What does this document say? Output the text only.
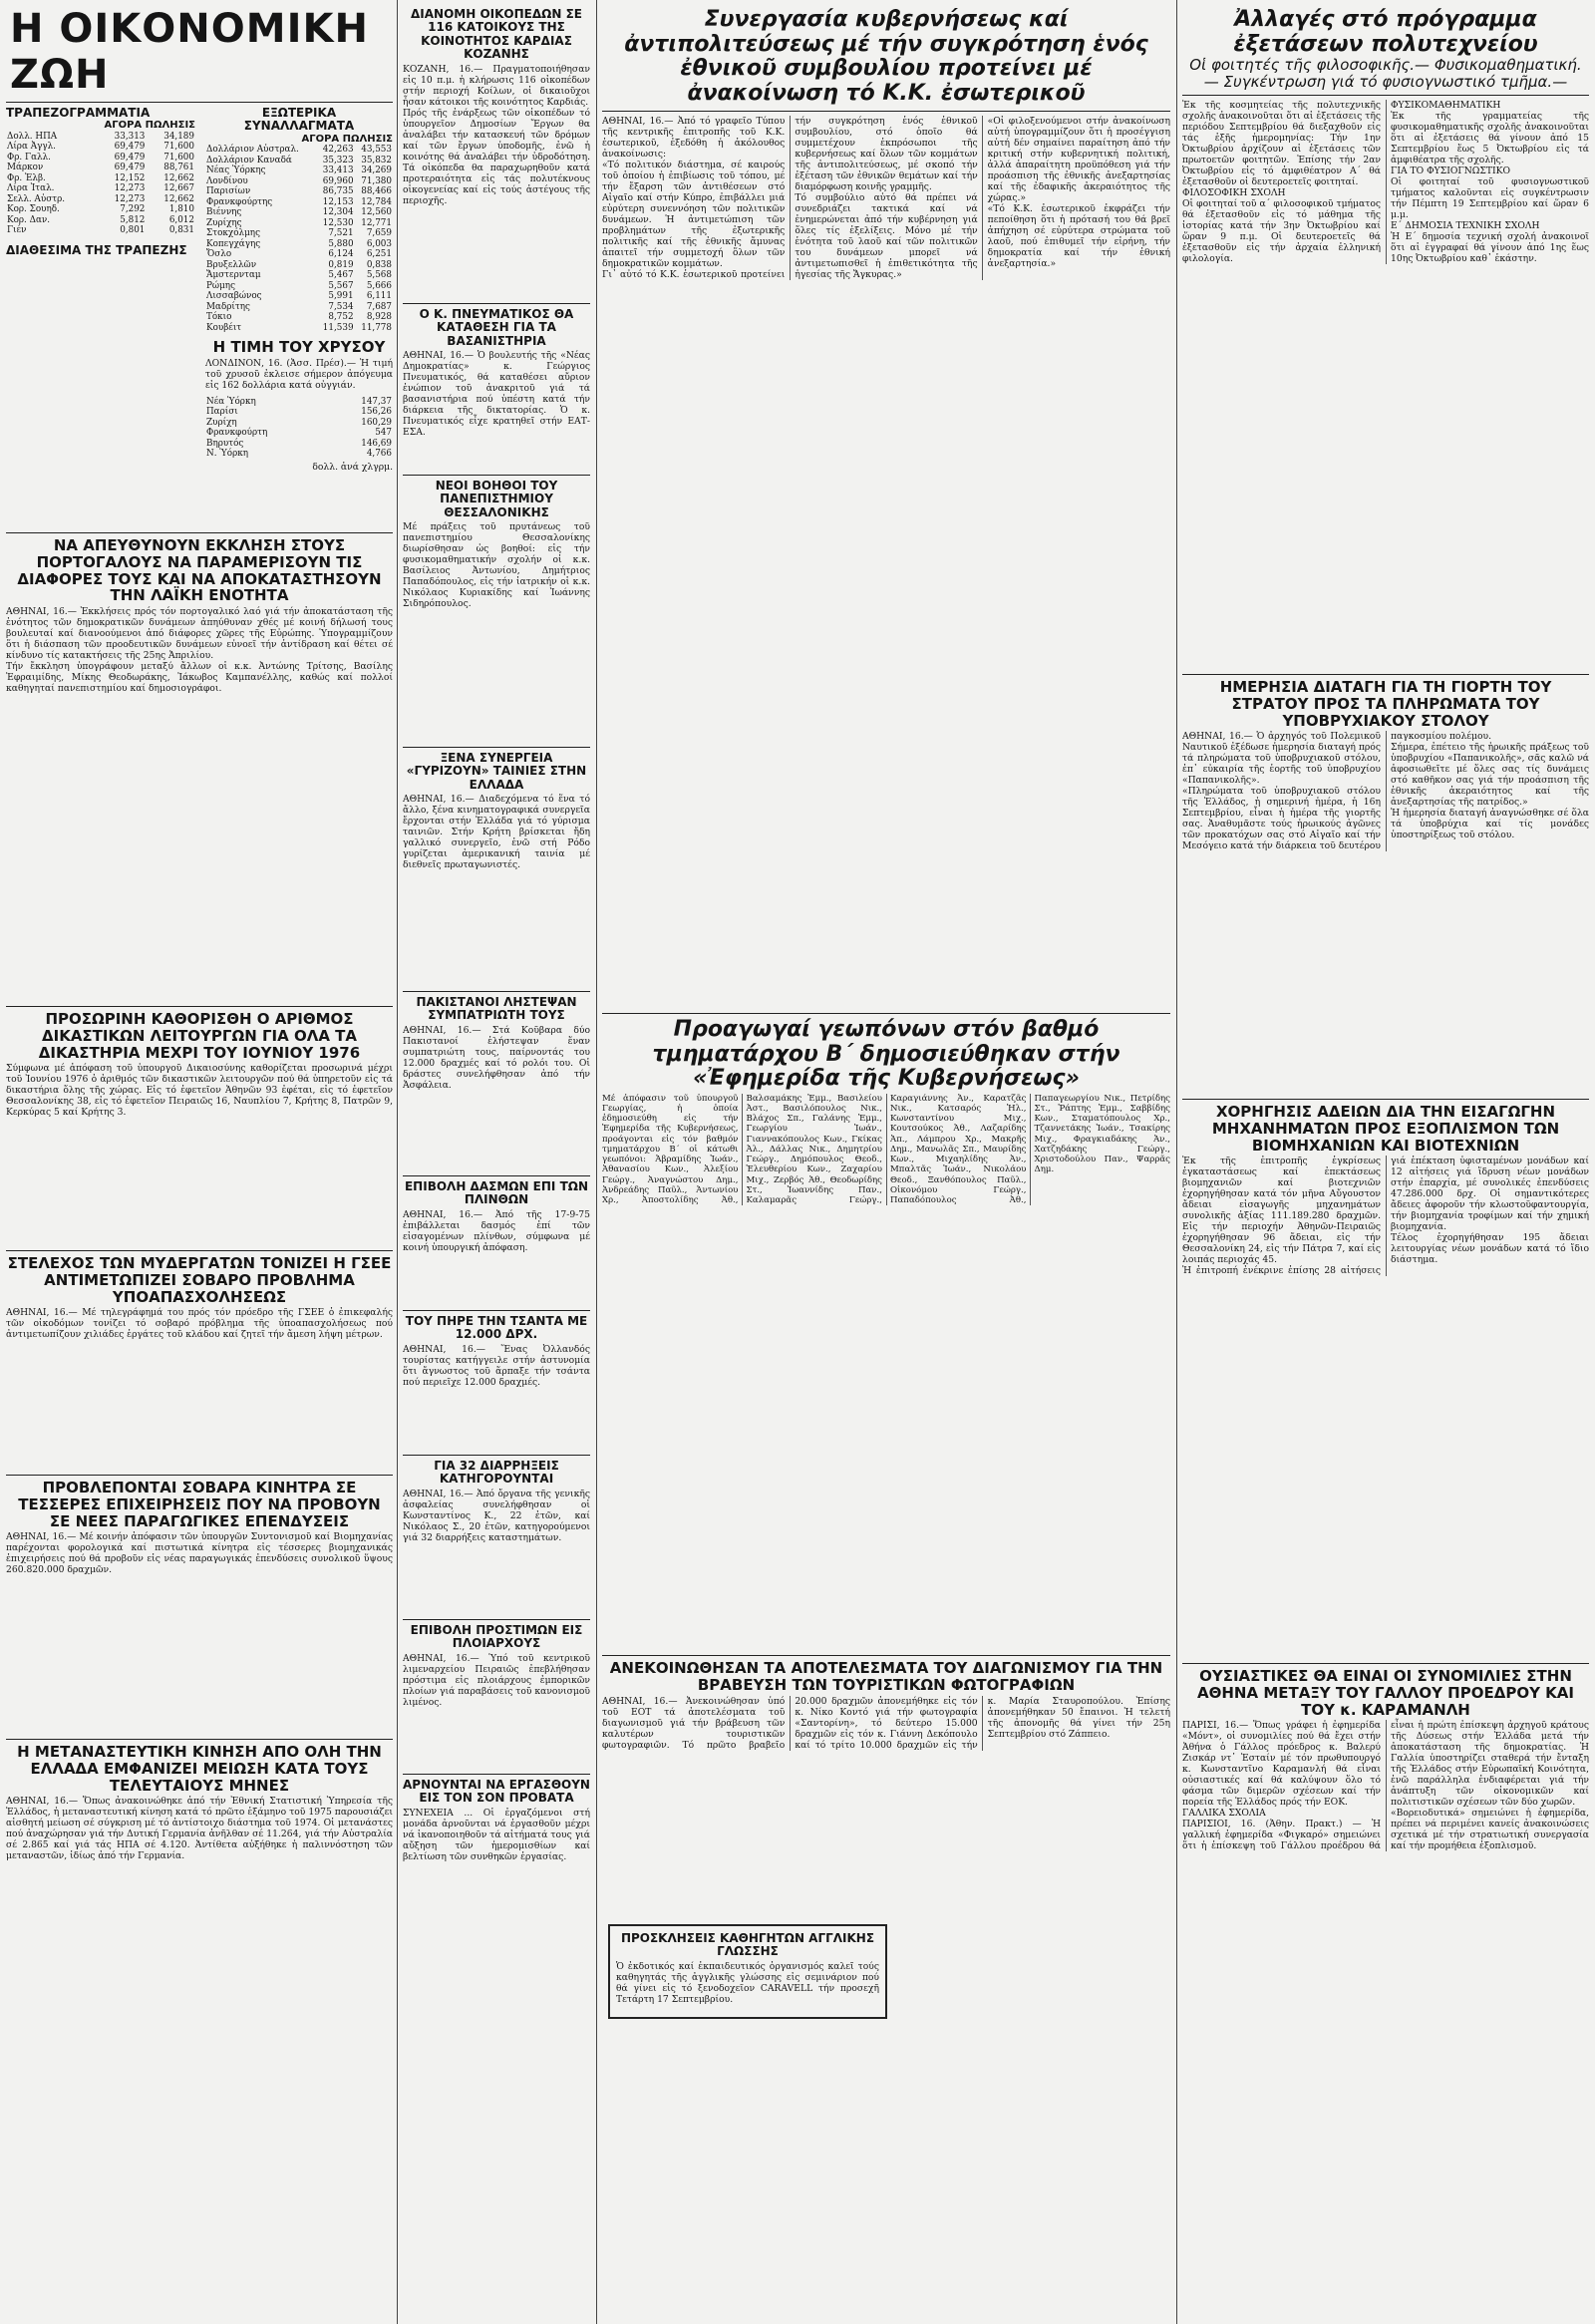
Η ΟΙΚΟΝΟΜΙΚΗ ΖΩΗ
ΤΡΑΠΕΖΟΓΡΑΜΜΑΤΙΑ
ΑΓΟΡΑ ΠΩΛΗΣΙΣ
Δολλ. ΗΠΑ	33,313	34,189
Λίρα Ἀγγλ.	69,479	71,600
Φρ. Γαλλ.	69,479	71,600
Μάρκον	69,479	88,761
Φρ. Ἑλβ.	12,152	12,662
Λίρα Ἰταλ.	12,273	12,667
Σελλ. Αὐστρ.	12,273	12,662
Κορ. Σουηδ.	7,292	1,810
Κορ. Δαν.	5,812	6,012
Γιέν	0,801	0,831
ΔΙΑΘΕΣΙΜΑ ΤΗΣ ΤΡΑΠΕΖΗΣ
ΕΞΩΤΕΡΙΚΑ ΣΥΝΑΛΛΑΓΜΑΤΑ
ΑΓΟΡΑ ΠΩΛΗΣΙΣ
Δολλάριον Αὐστραλ.	42,263	43,553
Δολλάριον Καναδά	35,323	35,832
Νέας Ὑόρκης	33,413	34,269
Λονδίνου	69,960	71,380
Παρισίων	86,735	88,466
Φρανκφούρτης	12,153	12,784
Βιέννης	12,304	12,560
Ζυρίχης	12,530	12,771
Στοκχόλμης	7,521	7,659
Κοπεγχάγης	5,880	6,003
Ὄσλο	6,124	6,251
Βρυξελλῶν	0,819	0,838
Ἄμστερνταμ	5,467	5,568
Ρώμης	5,567	5,666
Λισσαβώνος	5,991	6,111
Μαδρίτης	7,534	7,687
Τόκιο	8,752	8,928
Κουβέιτ	11,539	11,778
Η ΤΙΜΗ ΤΟΥ ΧΡΥΣΟΥ

ΛΟΝΔΙΝΟΝ, 16. (Ἀσσ. Πρέσ).— Ἡ τιμή τοῦ χρυσοῦ ἐκλεισε σήμερον ἀπόγευμα εἰς 162 δολλάρια κατά οὐγγιάν.

Νέα Ὑόρκη	147,37
Παρίσι	156,26
Ζυρίχη	160,29
Φρανκφούρτη	547
Βηρυτός	146,69
Ν. Ὑόρκη	4,766
δολλ. ἀνά χλγρμ.
ΝΑ ΑΠΕΥΘΥΝΟΥΝ ΕΚΚΛΗΣΗ ΣΤΟΥΣ ΠΟΡΤΟΓΑΛΟΥΣ ΝΑ ΠΑΡΑΜΕΡΙΣΟΥΝ ΤΙΣ ΔΙΑΦΟΡΕΣ ΤΟΥΣ ΚΑΙ ΝΑ ΑΠΟΚΑΤΑΣΤΗΣΟΥΝ ΤΗΝ ΛΑΪΚΗ ΕΝΟΤΗΤΑ

ΑΘΗΝΑΙ, 16.— Ἐκκλήσεις πρός τόν πορτογαλικό λαό γιά τήν ἀποκατάσταση τῆς ἑνότητος τῶν δημοκρατικῶν δυνάμεων ἀπηύθυναν χθές μέ κοινή δήλωσή τους βουλευταί καί διανοούμενοι ἀπό διάφορες χῶρες τῆς Εὐρώπης. Ὑπογραμμίζουν ὅτι ἡ διάσπαση τῶν προοδευτικῶν δυνάμεων εὐνοεῖ τήν ἀντίδραση καί θέτει σέ κίνδυνο τίς κατακτήσεις τῆς 25ης Ἀπριλίου.
Τήν ἔκκληση ὑπογράφουν μεταξύ ἄλλων οἱ κ.κ. Ἀντώνης Τρίτσης, Βασίλης Ἐφραιμίδης, Μίκης Θεοδωράκης, Ἰάκωβος Καμπανέλλης, καθώς καί πολλοί καθηγηταί πανεπιστημίου καί δημοσιογράφοι.

ΠΡΟΣΩΡΙΝΗ ΚΑΘΟΡΙΣΘΗ Ο ΑΡΙΘΜΟΣ ΔΙΚΑΣΤΙΚΩΝ ΛΕΙΤΟΥΡΓΩΝ ΓΙΑ ΟΛΑ ΤΑ ΔΙΚΑΣΤΗΡΙΑ ΜΕΧΡΙ ΤΟΥ ΙΟΥΝΙΟΥ 1976

Σύμφωνα μέ ἀπόφαση τοῦ ὑπουργοῦ Δικαιοσύνης καθορίζεται προσωρινά μέχρι τοῦ Ἰουνίου 1976 ὁ ἀριθμός τῶν δικαστικῶν λειτουργῶν πού θά ὑπηρετοῦν εἰς τά δικαστήρια ὅλης τῆς χώρας. Εἰς τό ἐφετεῖον Ἀθηνῶν 93 ἐφέται, εἰς τό ἐφετεῖον Θεσσαλονίκης 38, εἰς τό ἐφετεῖον Πειραιῶς 16, Ναυπλίου 7, Κρήτης 8, Πατρῶν 9, Κερκύρας 5 καί Κρήτης 3.

ΣΤΕΛΕΧΟΣ ΤΩΝ ΜΥΔΕΡΓΑΤΩΝ ΤΟΝΙΖΕΙ Η ΓΣΕΕ ΑΝΤΙΜΕΤΩΠΙΖΕΙ ΣΟΒΑΡΟ ΠΡΟΒΛΗΜΑ ΥΠΟΑΠΑΣΧΟΛΗΣΕΩΣ

ΑΘΗΝΑΙ, 16.— Μέ τηλεγράφημά του πρός τόν πρόεδρο τῆς ΓΣΕΕ ὁ ἐπικεφαλής τῶν οἰκοδόμων τονίζει τό σοβαρό πρόβλημα τῆς ὑποαπασχολήσεως πού ἀντιμετωπίζουν χιλιάδες ἐργάτες τοῦ κλάδου καί ζητεῖ τήν ἄμεση λήψη μέτρων.

ΠΡΟΒΛΕΠΟΝΤΑΙ ΣΟΒΑΡΑ ΚΙΝΗΤΡΑ ΣΕ ΤΕΣΣΕΡΕΣ ΕΠΙΧΕΙΡΗΣΕΙΣ ΠΟΥ ΝΑ ΠΡΟΒΟΥΝ ΣΕ ΝΕΕΣ ΠΑΡΑΓΩΓΙΚΕΣ ΕΠΕΝΔΥΣΕΙΣ

ΑΘΗΝΑΙ, 16.— Μέ κοινήν ἀπόφασιν τῶν ὑπουργῶν Συντονισμοῦ καί Βιομηχανίας παρέχονται φορολογικά καί πιστωτικά κίνητρα εἰς τέσσερες βιομηχανικάς ἐπιχειρήσεις πού θά προβοῦν εἰς νέας παραγωγικάς ἐπενδύσεις συνολικοῦ ὕψους 260.820.000 δραχμῶν.

Η ΜΕΤΑΝΑΣΤΕΥΤΙΚΗ ΚΙΝΗΣΗ ΑΠΟ ΟΛΗ ΤΗΝ ΕΛΛΑΔΑ ΕΜΦΑΝΙΖΕΙ ΜΕΙΩΣΗ ΚΑΤΑ ΤΟΥΣ ΤΕΛΕΥΤΑΙΟΥΣ ΜΗΝΕΣ

ΑΘΗΝΑΙ, 16.— Ὅπως ἀνακοινώθηκε ἀπό τήν Ἐθνική Στατιστική Ὑπηρεσία τῆς Ἑλλάδος, ἡ μεταναστευτική κίνηση κατά τό πρῶτο ἑξάμηνο τοῦ 1975 παρουσιάζει αἰσθητή μείωση σέ σύγκριση μέ τό ἀντίστοιχο διάστημα τοῦ 1974. Οἱ μετανάστες πού ἀναχώρησαν γιά τήν Δυτική Γερμανία ἀνῆλθαν σέ 11.264, γιά τήν Αὐστραλία σέ 2.865 καί γιά τάς ΗΠΑ σέ 4.120. Ἀντίθετα αὐξήθηκε ἡ παλιννόστηση τῶν μεταναστῶν, ἰδίως ἀπό τήν Γερμανία.

ΔΙΑΝΟΜΗ ΟΙΚΟΠΕΔΩΝ ΣΕ 116 ΚΑΤΟΙΚΟΥΣ ΤΗΣ ΚΟΙΝΟΤΗΤΟΣ ΚΑΡΔΙΑΣ ΚΟΖΑΝΗΣ

ΚΟΖΑΝΗ, 16.— Πραγματοποιήθησαν εἰς 10 π.μ. ἡ κλήρωσις 116 οἰκοπέδων στήν περιοχή Κοίλων, οἱ δικαιοῦχοι ἦσαν κάτοικοι τῆς κοινότητος Καρδιάς.
Πρός τῆς ἐνάρξεως τῶν οἰκοπέδων τό ὑπουργεῖον Δημοσίων Ἔργων θα ἀναλάβει τήν κατασκευή τῶν δρόμων καί τῶν ἔργων ὑποδομῆς, ἐνῶ ἡ κοινότης θά ἀναλάβει τήν ὑδροδότηση. Τά οἰκόπεδα θα παραχωρηθοῦν κατά προτεραιότητα εἰς τάς πολυτέκνους οἰκογενείας καί εἰς τούς ἀστέγους τῆς περιοχῆς.

Ο Κ. ΠΝΕΥΜΑΤΙΚΟΣ ΘΑ ΚΑΤΑΘΕΣΗ ΓΙΑ ΤΑ ΒΑΣΑΝΙΣΤΗΡΙΑ

ΑΘΗΝΑΙ, 16.— Ὁ βουλευτής τῆς «Νέας Δημοκρατίας» κ. Γεώργιος Πνευματικός, θά καταθέσει αὔριον ἐνώπιον τοῦ ἀνακριτοῦ γιά τά βασανιστήρια πού ὑπέστη κατά τήν διάρκεια τῆς δικτατορίας. Ὁ κ. Πνευματικός εἶχε κρατηθεῖ στήν ΕΑΤ-ΕΣΑ.

ΝΕΟΙ ΒΟΗΘΟΙ ΤΟΥ ΠΑΝΕΠΙΣΤΗΜΙΟΥ ΘΕΣΣΑΛΟΝΙΚΗΣ

Μέ πράξεις τοῦ πρυτάνεως τοῦ πανεπιστημίου Θεσσαλονίκης διωρίσθησαν ὡς βοηθοί: εἰς τήν φυσικομαθηματικήν σχολήν οἱ κ.κ. Βασίλειος Ἀντωνίου, Δημήτριος Παπαδόπουλος, εἰς τήν ἰατρικήν οἱ κ.κ. Νικόλαος Κυριακίδης καί Ἰωάννης Σιδηρόπουλος.

ΞΕΝΑ ΣΥΝΕΡΓΕΙΑ «ΓΥΡΙΖΟΥΝ» ΤΑΙΝΙΕΣ ΣΤΗΝ ΕΛΛΑΔΑ

ΑΘΗΝΑΙ, 16.— Διαδεχόμενα τό ἕνα τό ἄλλο, ξένα κινηματογραφικά συνεργεῖα ἔρχονται στήν Ἑλλάδα γιά τό γύρισμα ταινιῶν. Στήν Κρήτη βρίσκεται ἤδη γαλλικό συνεργεῖο, ἐνῶ στή Ρόδο γυρίζεται ἀμερικανική ταινία μέ διεθνεῖς πρωταγωνιστές.

ΠΑΚΙΣΤΑΝΟΙ ΛΗΣΤΕΨΑΝ ΣΥΜΠΑΤΡΙΩΤΗ ΤΟΥΣ

ΑΘΗΝΑΙ, 16.— Στά Κοῦβαρα δύο Πακιστανοί ἐλήστεψαν ἕναν συμπατριώτη τους, παίρνοντάς του 12.000 δραχμές καί τό ρολόι του. Οἱ δράστες συνελήφθησαν ἀπό τήν Ἀσφάλεια.

ΕΠΙΒΟΛΗ ΔΑΣΜΩΝ ΕΠΙ ΤΩΝ ΠΛΙΝΘΩΝ

ΑΘΗΝΑΙ, 16.— Ἀπό τῆς 17-9-75 ἐπιβάλλεται δασμός ἐπί τῶν εἰσαγομένων πλίνθων, σύμφωνα μέ κοινή ὑπουργική ἀπόφαση.

ΤΟΥ ΠΗΡΕ ΤΗΝ ΤΣΑΝΤΑ ΜΕ 12.000 ΔΡΧ.

ΑΘΗΝΑΙ, 16.— Ἕνας Ὀλλανδός τουρίστας κατήγγειλε στήν ἀστυνομία ὅτι ἄγνωστος τοῦ ἅρπαξε τήν τσάντα πού περιεῖχε 12.000 δραχμές.

ΓΙΑ 32 ΔΙΑΡΡΗΞΕΙΣ ΚΑΤΗΓΟΡΟΥΝΤΑΙ

ΑΘΗΝΑΙ, 16.— Ἀπό ὄργανα τῆς γενικῆς ἀσφαλείας συνελήφθησαν οἱ Κωνσταντίνος Κ., 22 ἐτῶν, καί Νικόλαος Σ., 20 ἐτῶν, κατηγορούμενοι γιά 32 διαρρήξεις καταστημάτων.

ΕΠΙΒΟΛΗ ΠΡΟΣΤΙΜΩΝ ΕΙΣ ΠΛΟΙΑΡΧΟΥΣ

ΑΘΗΝΑΙ, 16.— Ὑπό τοῦ κεντρικοῦ λιμεναρχείου Πειραιῶς ἐπεβλήθησαν πρόστιμα εἰς πλοιάρχους ἐμπορικῶν πλοίων γιά παραβάσεις τοῦ κανονισμοῦ λιμένος.

ΑΡΝΟΥΝΤΑΙ ΝΑ ΕΡΓΑΣΘΟΥΝ ΕΙΣ ΤΟΝ ΣΟΝ ΠΡΟΒΑΤΑ

ΣΥΝΕΧΕΙΑ ... Οἱ ἐργαζόμενοι στή μονάδα ἀρνοῦνται νά ἐργασθοῦν μέχρι νά ἱκανοποιηθοῦν τά αἰτήματά τους γιά αὔξηση τῶν ἡμερομισθίων καί βελτίωση τῶν συνθηκῶν ἐργασίας.

Συνεργασία κυβερνήσεως καί ἀντιπολιτεύσεως μέ τήν συγκρότηση ἑνός ἐθνικοῦ συμβουλίου προτείνει μέ ἀνακοίνωση τό Κ.Κ. ἐσωτερικοῦ

ΑΘΗΝΑΙ, 16.— Ἀπό τό γραφεῖο Τύπου τῆς κεντρικῆς ἐπιτροπῆς τοῦ Κ.Κ. ἐσωτερικοῦ, ἐξεδόθη ἡ ἀκόλουθος ἀνακοίνωσις:
«Τό πολιτικόν διάστημα, σέ καιρούς τοῦ ὁποίου ἡ ἐπιβίωσις τοῦ τόπου, μέ τήν ἔξαρση τῶν ἀντιθέσεων στό Αἰγαῖο καί στήν Κύπρο, ἐπιβάλλει μιά εὐρύτερη συνεννόηση τῶν πολιτικῶν δυνάμεων. Ἡ ἀντιμετώπιση τῶν προβλημάτων τῆς ἐξωτερικῆς πολιτικῆς καί τῆς ἐθνικῆς ἄμυνας ἀπαιτεῖ τήν συμμετοχή ὅλων τῶν δημοκρατικῶν κομμάτων.
Γι᾽ αὐτό τό Κ.Κ. ἐσωτερικοῦ προτείνει τήν συγκρότηση ἑνός ἐθνικοῦ συμβουλίου, στό ὁποῖο θά συμμετέχουν ἐκπρόσωποι τῆς κυβερνήσεως καί ὅλων τῶν κομμάτων τῆς ἀντιπολιτεύσεως, μέ σκοπό τήν ἐξέταση τῶν ἐθνικῶν θεμάτων καί τήν διαμόρφωση κοινῆς γραμμῆς.
Τό συμβούλιο αὐτό θά πρέπει νά συνεδριάζει τακτικά καί νά ἐνημερώνεται ἀπό τήν κυβέρνηση γιά ὅλες τίς ἐξελίξεις. Μόνο μέ τήν ἑνότητα τοῦ λαοῦ καί τῶν πολιτικῶν του δυνάμεων μπορεῖ νά ἀντιμετωπισθεῖ ἡ ἐπιθετικότητα τῆς ἡγεσίας τῆς Ἄγκυρας.»
«Οἱ φιλοξενούμενοι στήν ἀνακοίνωση αὐτή ὑπογραμμίζουν ὅτι ἡ προσέγγιση αὐτή δέν σημαίνει παραίτηση ἀπό τήν κριτική στήν κυβερνητική πολιτική, ἀλλά ἀπαραίτητη προϋπόθεση γιά τήν προάσπιση τῆς ἐθνικῆς ἀνεξαρτησίας καί τῆς ἐδαφικῆς ἀκεραιότητος τῆς χώρας.»
«Τό Κ.Κ. ἐσωτερικοῦ ἐκφράζει τήν πεποίθηση ὅτι ἡ πρότασή του θά βρεῖ ἀπήχηση σέ εὐρύτερα στρώματα τοῦ λαοῦ, πού ἐπιθυμεῖ τήν εἰρήνη, τήν δημοκρατία καί τήν ἐθνική ἀνεξαρτησία.»

Προαγωγαί γεωπόνων στόν βαθμό τμηματάρχου Β΄ δημοσιεύθηκαν στήν «Ἐφημερίδα τῆς Κυβερνήσεως»

Μέ ἀπόφασιν τοῦ ὑπουργοῦ Γεωργίας, ἡ ὁποία ἐδημοσιεύθη εἰς τήν Ἐφημερίδα τῆς Κυβερνήσεως, προάγονται εἰς τόν βαθμόν τμηματάρχου Β΄ οἱ κάτωθι γεωπόνοι: Ἀβραμίδης Ἰωάν., Ἀθανασίου Κων., Ἀλεξίου Γεώργ., Ἀναγνώστου Δημ., Ἀνδρεάδης Παῦλ., Ἀντωνίου Χρ., Ἀποστολίδης Ἀθ., Βαλσαμάκης Ἐμμ., Βασιλείου Ἀστ., Βασιλόπουλος Νικ., Βλάχος Σπ., Γαλάνης Ἐμμ., Γεωργίου Ἰωάν., Γιαννακόπουλος Κων., Γκίκας Ἀλ., Δάλλας Νικ., Δημητρίου Γεώργ., Δημόπουλος Θεοδ., Ἐλευθερίου Κων., Ζαχαρίου Μιχ., Ζερβός Ἀθ., Θεοδωρίδης Στ., Ἰωαννίδης Παν., Καλαμαρᾶς Γεώργ., Καραγιάννης Ἀν., Καρατζᾶς Νικ., Κατσαρός Ἠλ., Κωνσταντίνου Μιχ., Κουτσούκος Ἀθ., Λαζαρίδης Ἀπ., Λάμπρου Χρ., Μακρῆς Δημ., Μανωλᾶς Σπ., Μαυρίδης Κων., Μιχαηλίδης Ἀν., Μπαλτᾶς Ἰωάν., Νικολάου Θεοδ., Ξανθόπουλος Παῦλ., Οἰκονόμου Γεώργ., Παπαδόπουλος Ἀθ., Παπαγεωργίου Νικ., Πετρίδης Στ., Ῥάπτης Ἐμμ., Σαββίδης Κων., Σταματόπουλος Χρ., Τζαννετάκης Ἰωάν., Τσακίρης Μιχ., Φραγκιαδάκης Ἀν., Χατζηδάκης Γεώργ., Χριστοδούλου Παν., Ψαρρᾶς Δημ.

ΑΝΕΚΟΙΝΩΘΗΣΑΝ ΤΑ ΑΠΟΤΕΛΕΣΜΑΤΑ ΤΟΥ ΔΙΑΓΩΝΙΣΜΟΥ ΓΙΑ ΤΗΝ ΒΡΑΒΕΥΣΗ ΤΩΝ ΤΟΥΡΙΣΤΙΚΩΝ ΦΩΤΟΓΡΑΦΙΩΝ

ΑΘΗΝΑΙ, 16.— Ἀνεκοινώθησαν ὑπό τοῦ ΕΟΤ τά ἀποτελέσματα τοῦ διαγωνισμοῦ γιά τήν βράβευση τῶν καλυτέρων τουριστικῶν φωτογραφιῶν. Τό πρῶτο βραβεῖο 20.000 δραχμῶν ἀπονεμήθηκε εἰς τόν κ. Νίκο Κοντό γιά τήν φωτογραφία «Σαντορίνη», τό δεύτερο 15.000 δραχμῶν εἰς τόν κ. Γιάννη Δεκόπουλο καί τό τρίτο 10.000 δραχμῶν εἰς τήν κ. Μαρία Σταυροπούλου. Ἐπίσης ἀπονεμήθηκαν 50 ἔπαινοι. Ἡ τελετή τῆς ἀπονομῆς θά γίνει τήν 25η Σεπτεμβρίου στό Ζάππειο.

ΠΡΟΣΚΛΗΣΕΙΣ ΚΑΘΗΓΗΤΩΝ ΑΓΓΛΙΚΗΣ ΓΛΩΣΣΗΣ

Ὁ ἐκδοτικός καί ἐκπαιδευτικός ὀργανισμός καλεῖ τούς καθηγητάς τῆς ἀγγλικῆς γλώσσης εἰς σεμινάριον πού θά γίνει εἰς τό ξενοδοχεῖον CARAVELL τήν προσεχῆ Τετάρτη 17 Σεπτεμβρίου.

Ἀλλαγές στό πρόγραμμα ἐξετάσεων πολυτεχνείου
Οἱ φοιτητές τῆς φιλοσοφικῆς.— Φυσικομαθηματική.— Συγκέντρωση γιά τό φυσιογνωστικό τμῆμα.—

Ἐκ τῆς κοσμητείας τῆς πολυτεχνικῆς σχολῆς ἀνακοινοῦται ὅτι αἱ ἐξετάσεις τῆς περιόδου Σεπτεμβρίου θά διεξαχθοῦν εἰς τάς ἑξῆς ἡμερομηνίας: Τήν 1ην Ὀκτωβρίου ἀρχίζουν αἱ ἐξετάσεις τῶν πρωτοετῶν φοιτητῶν. Ἐπίσης τήν 2αν Ὀκτωβρίου εἰς τό ἀμφιθέατρον Α΄ θά ἐξετασθοῦν οἱ δευτεροετεῖς φοιτηταί.
ΦΙΛΟΣΟΦΙΚΗ ΣΧΟΛΗ
Οἱ φοιτηταί τοῦ α΄ φιλοσοφικοῦ τμήματος θά ἐξετασθοῦν εἰς τό μάθημα τῆς ἱστορίας κατά τήν 3ην Ὀκτωβρίου καί ὥραν 9 π.μ. Οἱ δευτεροετεῖς θά ἐξετασθοῦν εἰς τήν ἀρχαία ἑλληνική φιλολογία.
ΦΥΣΙΚΟΜΑΘΗΜΑΤΙΚΗ
Ἐκ τῆς γραμματείας τῆς φυσικομαθηματικῆς σχολῆς ἀνακοινοῦται ὅτι αἱ ἐξετάσεις θά γίνουν ἀπό 15 Σεπτεμβρίου ἕως 5 Ὀκτωβρίου εἰς τά ἀμφιθέατρα τῆς σχολῆς.
ΓΙΑ ΤΟ ΦΥΣΙΟΓΝΩΣΤΙΚΟ
Οἱ φοιτηταί τοῦ φυσιογνωστικοῦ τμήματος καλοῦνται εἰς συγκέντρωσιν τήν Πέμπτη 19 Σεπτεμβρίου καί ὥραν 6 μ.μ.
Ε΄ ΔΗΜΟΣΙΑ ΤΕΧΝΙΚΗ ΣΧΟΛΗ
Ἡ Ε΄ δημοσία τεχνική σχολή ἀνακοινοῖ ὅτι αἱ ἐγγραφαί θά γίνουν ἀπό 1ης ἕως 10ης Ὀκτωβρίου καθ᾽ ἑκάστην.

ΗΜΕΡΗΣΙΑ ΔΙΑΤΑΓΗ ΓΙΑ ΤΗ ΓΙΟΡΤΗ ΤΟΥ ΣΤΡΑΤΟΥ ΠΡΟΣ ΤΑ ΠΛΗΡΩΜΑΤΑ ΤΟΥ ΥΠΟΒΡΥΧΙΑΚΟΥ ΣΤΟΛΟΥ

ΑΘΗΝΑΙ, 16.— Ὁ ἀρχηγός τοῦ Πολεμικοῦ Ναυτικοῦ ἐξέδωσε ἡμερησία διαταγή πρός τά πληρώματα τοῦ ὑποβρυχιακοῦ στόλου, ἐπ᾽ εὐκαιρία τῆς ἑορτῆς τοῦ ὑποβρυχίου «Παπανικολῆς».
«Πληρώματα τοῦ ὑποβρυχιακοῦ στόλου τῆς Ἑλλάδος, ἡ σημερινή ἡμέρα, ἡ 16η Σεπτεμβρίου, εἶναι ἡ ἡμέρα τῆς γιορτῆς σας. Ἀναθυμᾶστε τούς ἡρωικούς ἀγῶνες τῶν προκατόχων σας στό Αἰγαῖο καί τήν Μεσόγειο κατά τήν διάρκεια τοῦ δευτέρου παγκοσμίου πολέμου.
Σήμερα, ἐπέτειο τῆς ἡρωικῆς πράξεως τοῦ ὑποβρυχίου «Παπανικολῆς», σᾶς καλῶ νά ἀφοσιωθεῖτε μέ ὅλες σας τίς δυνάμεις στό καθῆκον σας γιά τήν προάσπιση τῆς ἐθνικῆς ἀκεραιότητος καί τῆς ἀνεξαρτησίας τῆς πατρίδος.»
Ἡ ἡμερησία διαταγή ἀναγνώσθηκε σέ ὅλα τά ὑποβρύχια καί τίς μονάδες ὑποστηρίξεως τοῦ στόλου.

ΧΟΡΗΓΗΣΙΣ ΑΔΕΙΩΝ ΔΙΑ ΤΗΝ ΕΙΣΑΓΩΓΗΝ ΜΗΧΑΝΗΜΑΤΩΝ ΠΡΟΣ ΕΞΟΠΛΙΣΜΟΝ ΤΩΝ ΒΙΟΜΗΧΑΝΙΩΝ ΚΑΙ ΒΙΟΤΕΧΝΙΩΝ

Ἐκ τῆς ἐπιτροπῆς ἐγκρίσεως ἐγκαταστάσεως καί ἐπεκτάσεως βιομηχανιῶν καί βιοτεχνιῶν ἐχορηγήθησαν κατά τόν μῆνα Αὔγουστον ἄδειαι εἰσαγωγῆς μηχανημάτων συνολικῆς ἀξίας 111.189.280 δραχμῶν. Εἰς τήν περιοχήν Ἀθηνῶν-Πειραιῶς ἐχορηγήθησαν 96 ἄδειαι, εἰς τήν Θεσσαλονίκη 24, εἰς τήν Πάτρα 7, καί εἰς λοιπάς περιοχάς 45.
Ἡ ἐπιτροπή ἐνέκρινε ἐπίσης 28 αἰτήσεις γιά ἐπέκταση ὑφισταμένων μονάδων καί 12 αἰτήσεις γιά ἵδρυση νέων μονάδων στήν ἐπαρχία, μέ συνολικές ἐπενδύσεις 47.286.000 δρχ. Οἱ σημαντικότερες ἄδειες ἀφοροῦν τήν κλωστοϋφαντουργία, τήν βιομηχανία τροφίμων καί τήν χημική βιομηχανία.
Τέλος ἐχορηγήθησαν 195 ἄδειαι λειτουργίας νέων μονάδων κατά τό ἴδιο διάστημα.

ΟΥΣΙΑΣΤΙΚΕΣ ΘΑ ΕΙΝΑΙ ΟΙ ΣΥΝΟΜΙΛΙΕΣ ΣΤΗΝ ΑΘΗΝΑ ΜΕΤΑΞΥ ΤΟΥ ΓΑΛΛΟΥ ΠΡΟΕΔΡΟΥ ΚΑΙ ΤΟΥ κ. ΚΑΡΑΜΑΝΛΗ

ΠΑΡΙΣΙ, 16.— Ὅπως γράφει ἡ ἐφημερίδα «Μόντ», οἱ συνομιλίες πού θά ἔχει στήν Ἀθήνα ὁ Γάλλος πρόεδρος κ. Βαλερύ Ζισκάρ ντ᾽ Ἐσταίν μέ τόν πρωθυπουργό κ. Κωνσταντῖνο Καραμανλή θά εἶναι οὐσιαστικές καί θά καλύψουν ὅλο τό φάσμα τῶν διμερῶν σχέσεων καί τήν πορεία τῆς Ἑλλάδος πρός τήν ΕΟΚ.
ΓΑΛΛΙΚΑ ΣΧΟΛΙΑ
ΠΑΡΙΣΙΟΙ, 16. (Ἀθην. Πρακτ.) — Ἡ γαλλική ἐφημερίδα «Φιγκαρό» σημειώνει ὅτι ἡ ἐπίσκεψη τοῦ Γάλλου προέδρου θά εἶναι ἡ πρώτη ἐπίσκεψη ἀρχηγοῦ κράτους τῆς Δύσεως στήν Ἑλλάδα μετά τήν ἀποκατάσταση τῆς δημοκρατίας. Ἡ Γαλλία ὑποστηρίζει σταθερά τήν ἔνταξη τῆς Ἑλλάδος στήν Εὐρωπαϊκή Κοινότητα, ἐνῶ παράλληλα ἐνδιαφέρεται γιά τήν ἀνάπτυξη τῶν οἰκονομικῶν καί πολιτιστικῶν σχέσεων τῶν δύο χωρῶν.
«Βορειοδυτικά» σημειώνει ἡ ἐφημερίδα, πρέπει νά περιμένει κανείς ἀνακοινώσεις σχετικά μέ τήν στρατιωτική συνεργασία καί τήν προμήθεια ἐξοπλισμοῦ.
